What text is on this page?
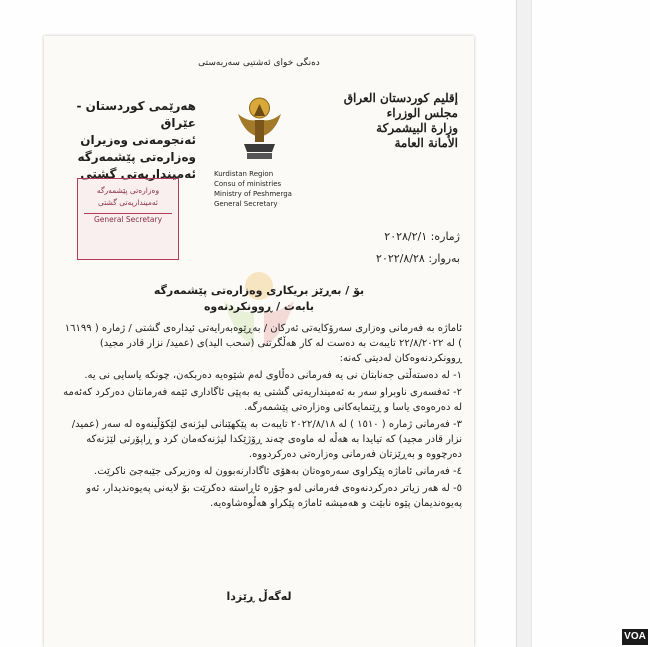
دەنگی خوای ئەشتیی سەربەستی
إقليم كوردستان العراق
مجلس الوزراء
وزارة البيشمركة
الأمانة العامة
هەرێمی کوردستان - عێراق
ئەنجومەنی وەزیران
وەزارەتی پێشمەرگە
ئەمینداریەتی گشتی	Kurdistan Region
Consu of ministries
Ministry of Peshmerga
General Secretary
وەزارەتی پێشمەرگە
ئەمینداریەتی گشتی
General Secretary
ژمارە: ٢٠٢٨/٢/١
بەروار: ٢٠٢٢/٨/٢٨
بۆ / بەڕێز بریکاری وەزارەتی پێشمەرگە
بابەت / ڕوونکردنەوە

ئاماژە بە فەرمانی وەزاری سەرۆکایەتی ئەرکان / بەڕێوەبەرایەتی ئیدارەی گشتی / ژمارە ( ١٦١٩٩ ) لە ٢٢/٨/٢٠٢٢ تایبەت بە دەست لە کار هەڵگرتنی (سحب الید)ی (عمید/ نزار قادر مجید) ڕوونکردنەوەکان لەدیتی کەنە:

١- لە دەستەڵتی جەنابتان نی یە فەرمانی دەڵاوی لەم شێوەیە دەربکەن، چونکە یاسایی نی یە.

٢- ئەفسەری ناوبراو سەر بە ئەمینداریەتی گشتی یە بەپێی ئاگاداری ئێمە فەرمانتان دەرکرد کەئەمە لە دەرەوەی یاسا و ڕێنمایەکانی وەزارەتی پێشمەرگە.

٣- فەرمانی ژمارە ( ١٥١٠ ) لە ٢٠٢٢/٨/١٨ تایبەت بە پێکهێنانی لیژنەی لێکۆڵینەوە لە سەر (عمید/ نزار قادر مجید) کە تیایدا بە هەڵە لە ماوەی چەند ڕۆژێکدا لیژنەکەمان کرد و ڕاپۆرتی لێژنەکە دەرچووە و بەڕێزتان فەرمانی وەزارەتی دەرکردووە.

٤- فەرمانی ئاماژە پێکراوی سەرەوەتان بەهۆی ئاگادارنەبوون لە وەزیرکی جێبەجێ ناکرێت.

٥- لە هەر زیاتر دەرکردنەوەی فەرمانی لەو جۆرە ئاڕاستە دەکرێت بۆ لایەنی پەیوەندیدار، ئەو پەیوەندیمان پێوە نابێت و هەمیشە ئاماژە پێکراو هەڵوەشاوەیە.

لەگەڵ ڕێزدا
VOA
